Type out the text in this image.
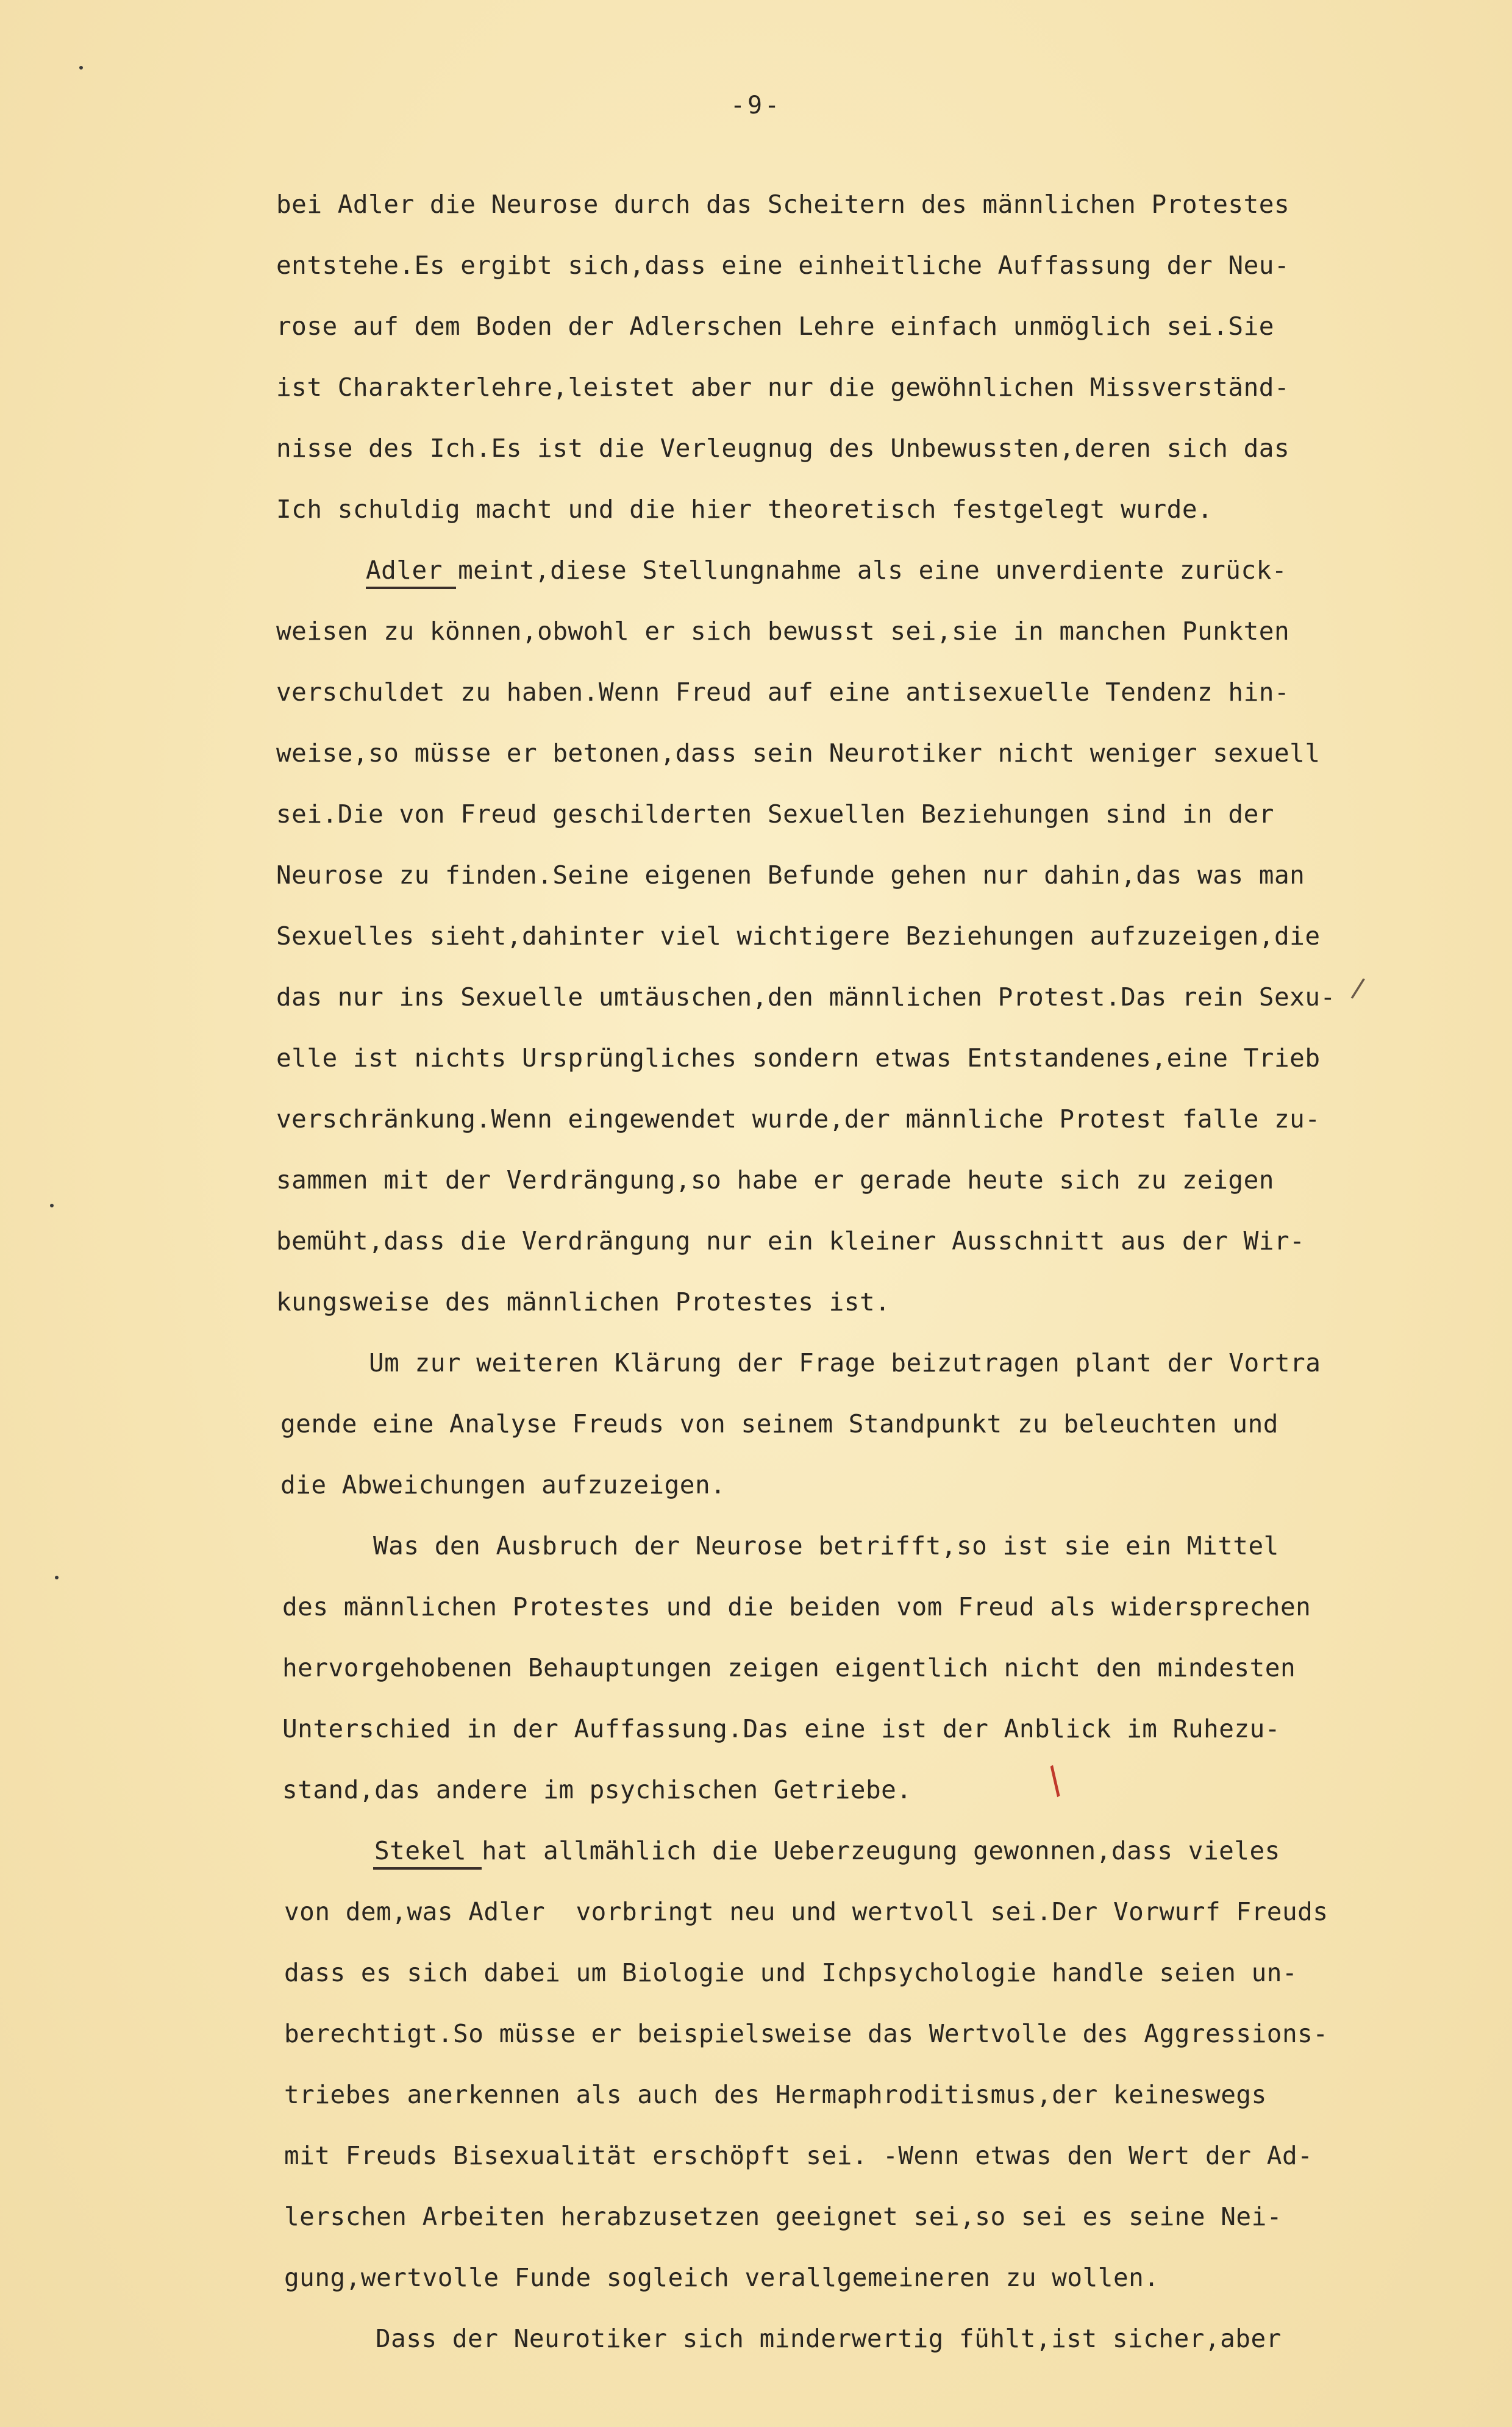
-9-
bei Adler die Neurose durch das Scheitern des männlichen Protestes
entstehe.Es ergibt sich,dass eine einheitliche Auffassung der Neu-
rose auf dem Boden der Adlerschen Lehre einfach unmöglich sei.Sie
ist Charakterlehre,leistet aber nur die gewöhnlichen Missverständ-
nisse des Ich.Es ist die Verleugnug des Unbewussten,deren sich das
Ich schuldig macht und die hier theoretisch festgelegt wurde.
Adler meint,diese Stellungnahme als eine unverdiente zurück-
weisen zu können,obwohl er sich bewusst sei,sie in manchen Punkten
verschuldet zu haben.Wenn Freud auf eine antisexuelle Tendenz hin-
weise,so müsse er betonen,dass sein Neurotiker nicht weniger sexuell
sei.Die von Freud geschilderten Sexuellen Beziehungen sind in der
Neurose zu finden.Seine eigenen Befunde gehen nur dahin,das was man
Sexuelles sieht,dahinter viel wichtigere Beziehungen aufzuzeigen,die
das nur ins Sexuelle umtäuschen,den männlichen Protest.Das rein Sexu-
elle ist nichts Ursprüngliches sondern etwas Entstandenes,eine Trieb
verschränkung.Wenn eingewendet wurde,der männliche Protest falle zu-
sammen mit der Verdrängung,so habe er gerade heute sich zu zeigen
bemüht,dass die Verdrängung nur ein kleiner Ausschnitt aus der Wir-
kungsweise des männlichen Protestes ist.
Um zur weiteren Klärung der Frage beizutragen plant der Vortra
gende eine Analyse Freuds von seinem Standpunkt zu beleuchten und
die Abweichungen aufzuzeigen.
Was den Ausbruch der Neurose betrifft,so ist sie ein Mittel
des männlichen Protestes und die beiden vom Freud als widersprechen
hervorgehobenen Behauptungen zeigen eigentlich nicht den mindesten
Unterschied in der Auffassung.Das eine ist der Anblick im Ruhezu-
stand,das andere im psychischen Getriebe.
Stekel hat allmählich die Ueberzeugung gewonnen,dass vieles
von dem,was Adler  vorbringt neu und wertvoll sei.Der Vorwurf Freuds
dass es sich dabei um Biologie und Ichpsychologie handle seien un-
berechtigt.So müsse er beispielsweise das Wertvolle des Aggressions-
triebes anerkennen als auch des Hermaphroditismus,der keineswegs
mit Freuds Bisexualität erschöpft sei. -Wenn etwas den Wert der Ad-
lerschen Arbeiten herabzusetzen geeignet sei,so sei es seine Nei-
gung,wertvolle Funde sogleich verallgemeineren zu wollen.
Dass der Neurotiker sich minderwertig fühlt,ist sicher,aber
/
/
